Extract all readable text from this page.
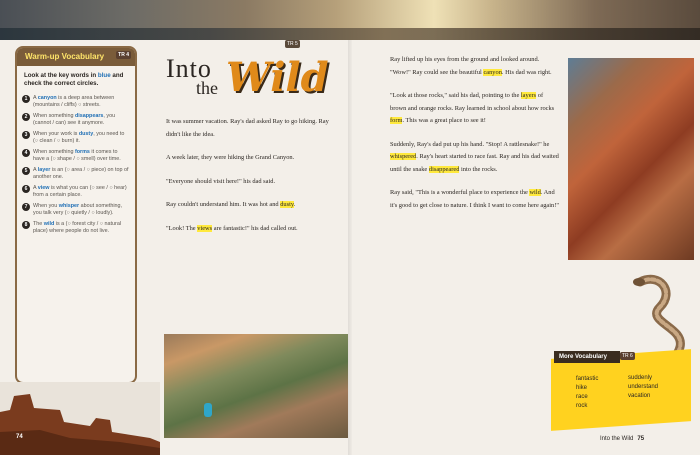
Warm-up Vocabulary	TR 4
Look at the key words in blue and check the correct circles.
1	A canyon is a deep area between (mountains / cliffs) ○ streets.
2	When something disappears, you (cannot / can) see it anymore.
3	When your work is dusty, you need to (○ clean / ○ burn) it.
4	When something forms it comes to have a (○ shape / ○ smell) over time.
5	A layer is an (○ area / ○ piece) on top of another one.
6	A view is what you can (○ see / ○ hear) from a certain place.
7	When you whisper about something, you talk very (○ quietly / ○ loudly).
8	The wild is a (○ forest city / ○ natural place) where people do not live.
74
Into
the Wild
TR 5

It was summer vacation. Ray's dad asked Ray to go hiking. Ray didn't like the idea.

A week later, they were hiking the Grand Canyon.

"Everyone should visit here!" his dad said.

Ray couldn't understand him. It was hot and dusty.

"Look! The views are fantastic!" his dad called out.

Ray lifted up his eyes from the ground and looked around. "Wow!" Ray could see the beautiful canyon. His dad was right.

"Look at those rocks," said his dad, pointing to the layers of brown and orange rocks. Ray learned in school about how rocks form. This was a great place to see it!

Suddenly, Ray's dad put up his hand. "Stop! A rattlesnake!" he whispered. Ray's heart started to race fast. Ray and his dad waited until the snake disappeared into the rocks.

Ray said, "This is a wonderful place to experience the wild. And it's good to get close to nature. I think I want to come here again!"

More Vocabulary	TR 6
fantastic
hike
race
rock
suddenly
understand
vacation
Into the Wild 75
